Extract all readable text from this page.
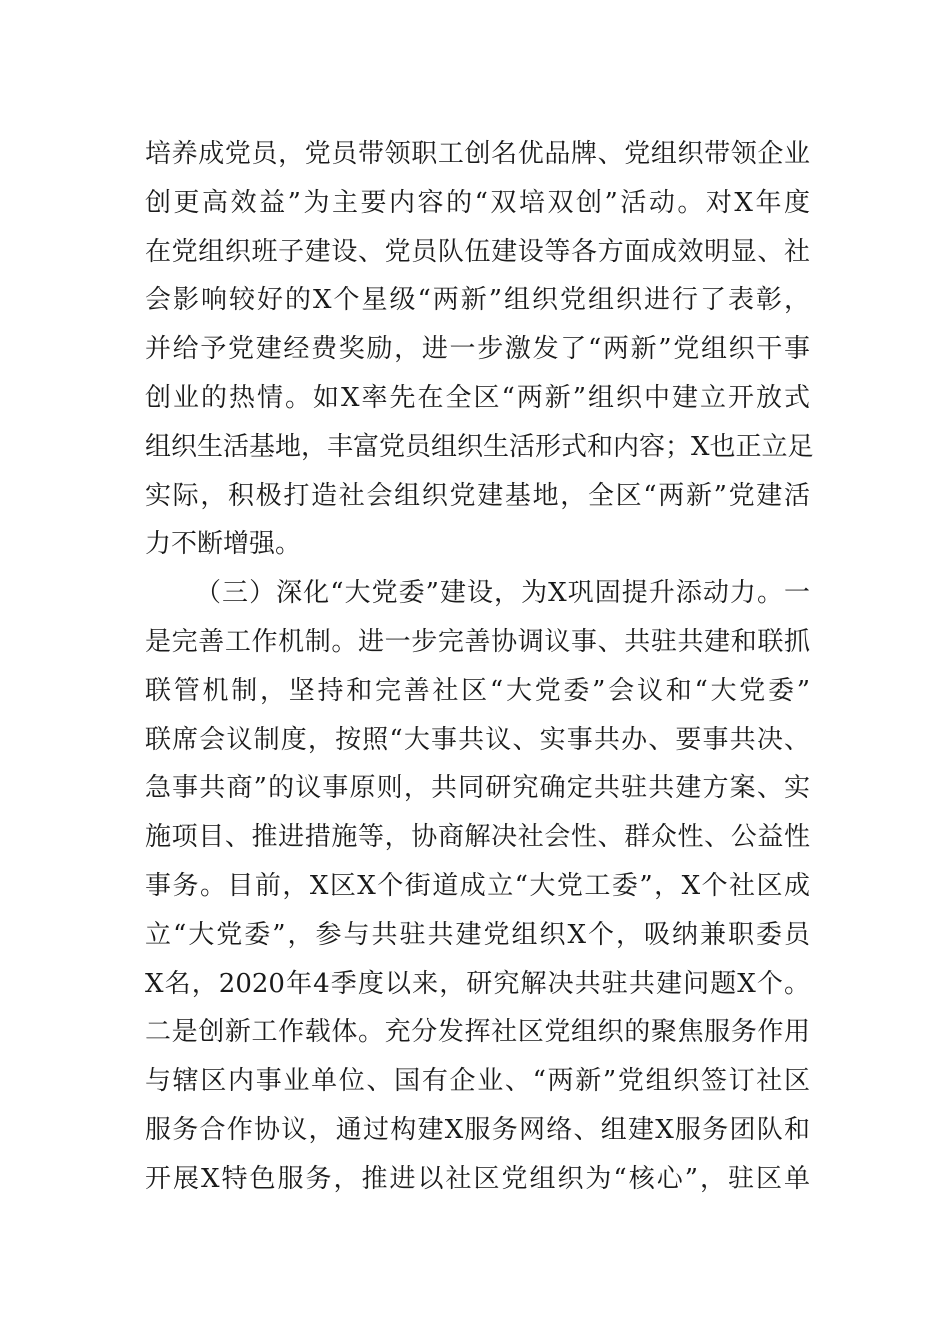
培养成党员，党员带领职工创名优品牌、党组织带领企业
创更高效益”为主要内容的“双培双创”活动。对X年度
在党组织班子建设、党员队伍建设等各方面成效明显、社
会影响较好的X个星级“两新”组织党组织进行了表彰，
并给予党建经费奖励，进一步激发了“两新”党组织干事
创业的热情。如X率先在全区“两新”组织中建立开放式
组织生活基地，丰富党员组织生活形式和内容；X也正立足
实际，积极打造社会组织党建基地，全区“两新”党建活
力不断增强。
（三）深化“大党委”建设，为X巩固提升添动力。一
是完善工作机制。进一步完善协调议事、共驻共建和联抓
联管机制，坚持和完善社区“大党委”会议和“大党委”
联席会议制度，按照“大事共议、实事共办、要事共决、
急事共商”的议事原则，共同研究确定共驻共建方案、实
施项目、推进措施等，协商解决社会性、群众性、公益性
事务。目前，X区X个街道成立“大党工委”，X个社区成
立“大党委”，参与共驻共建党组织X个，吸纳兼职委员
X名，2020年4季度以来，研究解决共驻共建问题X个。
二是创新工作载体。充分发挥社区党组织的聚焦服务作用
与辖区内事业单位、国有企业、“两新”党组织签订社区
服务合作协议，通过构建X服务网络、组建X服务团队和
开展X特色服务，推进以社区党组织为“核心”，驻区单
